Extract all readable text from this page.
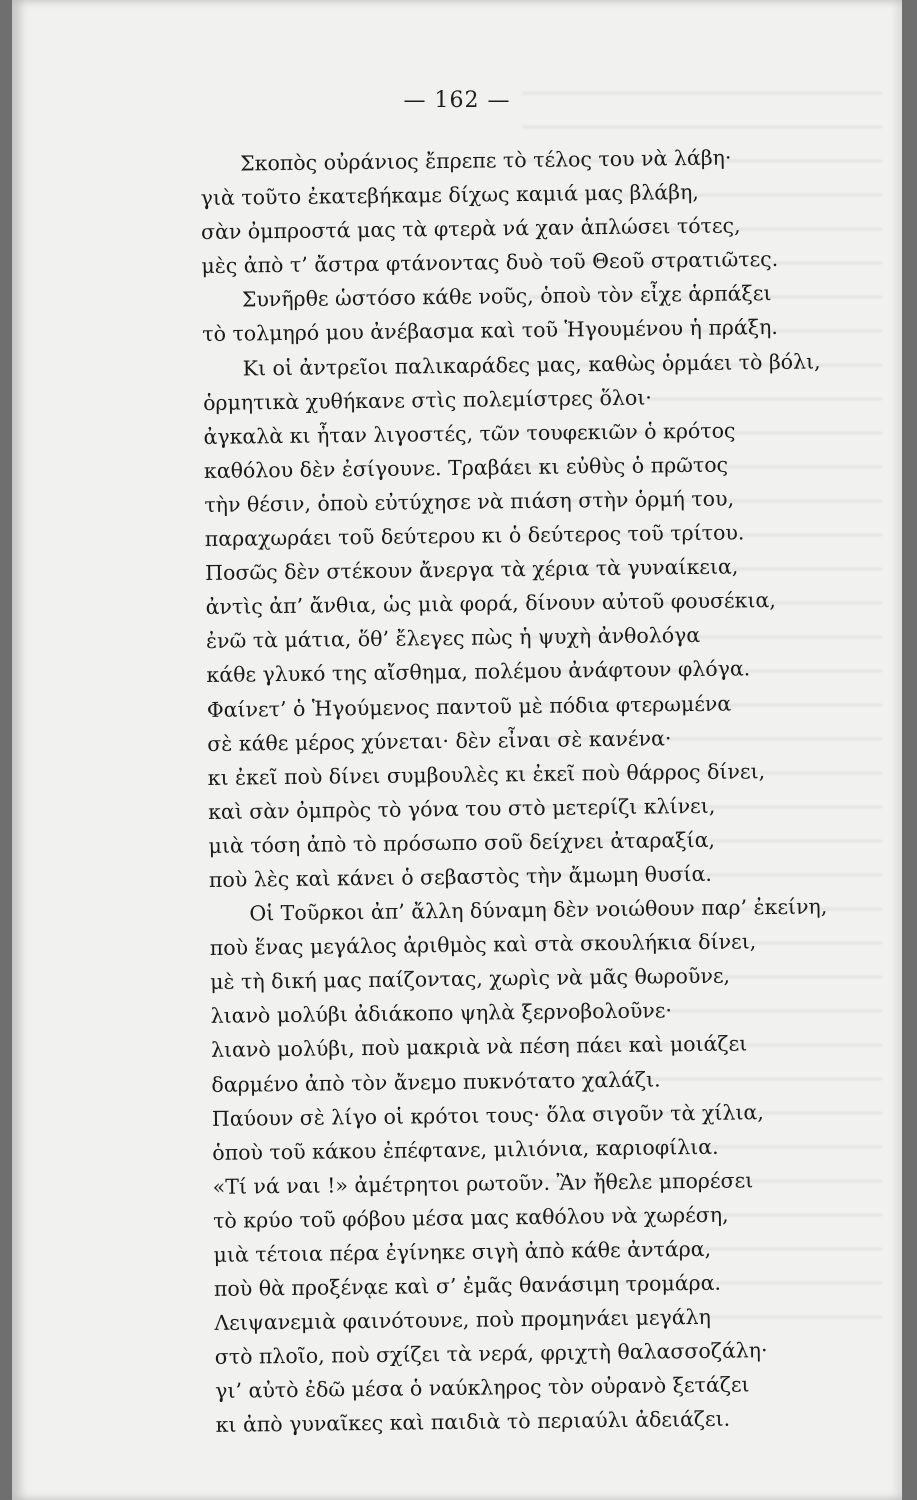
— 162 —
Σκοπὸς οὐράνιος ἔπρεπε τὸ τέλος του νὰ λάβη·
γιὰ τοῦτο ἐκατεβήκαμε δίχως καμιά μας βλάβη,
σὰν ὀμπροστά μας τὰ φτερὰ νά χαν ἁπλώσει τότες,
μὲς ἀπὸ τ’ ἄστρα φτάνοντας δυὸ τοῦ Θεοῦ στρατιῶτες.
Συνῆρθε ὡστόσο κάθε νοῦς, ὁποὺ τὸν εἶχε ἁρπάξει
τὸ τολμηρό μου ἀνέβασμα καὶ τοῦ Ἡγουμένου ἡ πράξη.
Κι οἱ ἀντρεῖοι παλικαράδες μας, καθὼς ὁρμάει τὸ βόλι,
ὁρμητικὰ χυθήκανε στὶς πολεμίστρες ὅλοι·
ἀγκαλὰ κι ἦταν λιγοστές, τῶν τουφεκιῶν ὁ κρότος
καθόλου δὲν ἐσίγουνε. Τραβάει κι εὐθὺς ὁ πρῶτος
τὴν θέσιν, ὁποὺ εὐτύχησε νὰ πιάση στὴν ὁρμή του,
παραχωράει τοῦ δεύτερου κι ὁ δεύτερος τοῦ τρίτου.
Ποσῶς δὲν στέκουν ἄνεργα τὰ χέρια τὰ γυναίκεια,
ἀντὶς ἀπ’ ἄνθια, ὡς μιὰ φορά, δίνουν αὐτοῦ φουσέκια,
ἐνῶ τὰ μάτια, ὅθ’ ἔλεγες πὼς ἡ ψυχὴ ἀνθολόγα
κάθε γλυκό της αἴσθημα, πολέμου ἀνάφτουν φλόγα.
Φαίνετ’ ὁ Ἡγούμενος παντοῦ μὲ πόδια φτερωμένα
σὲ κάθε μέρος χύνεται· δὲν εἶναι σὲ κανένα·
κι ἐκεῖ ποὺ δίνει συμβουλὲς κι ἐκεῖ ποὺ θάρρος δίνει,
καὶ σὰν ὀμπρὸς τὸ γόνα του στὸ μετερίζι κλίνει,
μιὰ τόση ἀπὸ τὸ πρόσωπο σοῦ δείχνει ἀταραξία,
ποὺ λὲς καὶ κάνει ὁ σεβαστὸς τὴν ἄμωμη θυσία.
Οἱ Τοῦρκοι ἀπ’ ἄλλη δύναμη δὲν νοιώθουν παρ’ ἐκείνη,
ποὺ ἕνας μεγάλος ἀριθμὸς καὶ στὰ σκουλήκια δίνει,
μὲ τὴ δική μας παίζοντας, χωρὶς νὰ μᾶς θωροῦνε,
λιανὸ μολύβι ἀδιάκοπο ψηλὰ ξερνοβολοῦνε·
λιανὸ μολύβι, ποὺ μακριὰ νὰ πέση πάει καὶ μοιάζει
δαρμένο ἀπὸ τὸν ἄνεμο πυκνότατο χαλάζι.
Παύουν σὲ λίγο οἱ κρότοι τους· ὅλα σιγοῦν τὰ χίλια,
ὁποὺ τοῦ κάκου ἐπέφτανε, μιλιόνια, καριοφίλια.
«Τί νά ναι !» ἀμέτρητοι ρωτοῦν. Ἂν ἤθελε μπορέσει
τὸ κρύο τοῦ φόβου μέσα μας καθόλου νὰ χωρέση,
μιὰ τέτοια πέρα ἐγίνηκε σιγὴ ἀπὸ κάθε ἀντάρα,
ποὺ θὰ προξένᾳε καὶ σ’ ἐμᾶς θανάσιμη τρομάρα.
Λειψανεμιὰ φαινότουνε, ποὺ προμηνάει μεγάλη
στὸ πλοῖο, ποὺ σχίζει τὰ νερά, φριχτὴ θαλασσοζάλη·
γι’ αὐτὸ ἐδῶ μέσα ὁ ναύκληρος τὸν οὐρανὸ ξετάζει
κι ἀπὸ γυναῖκες καὶ παιδιὰ τὸ περιαύλι ἀδειάζει.
